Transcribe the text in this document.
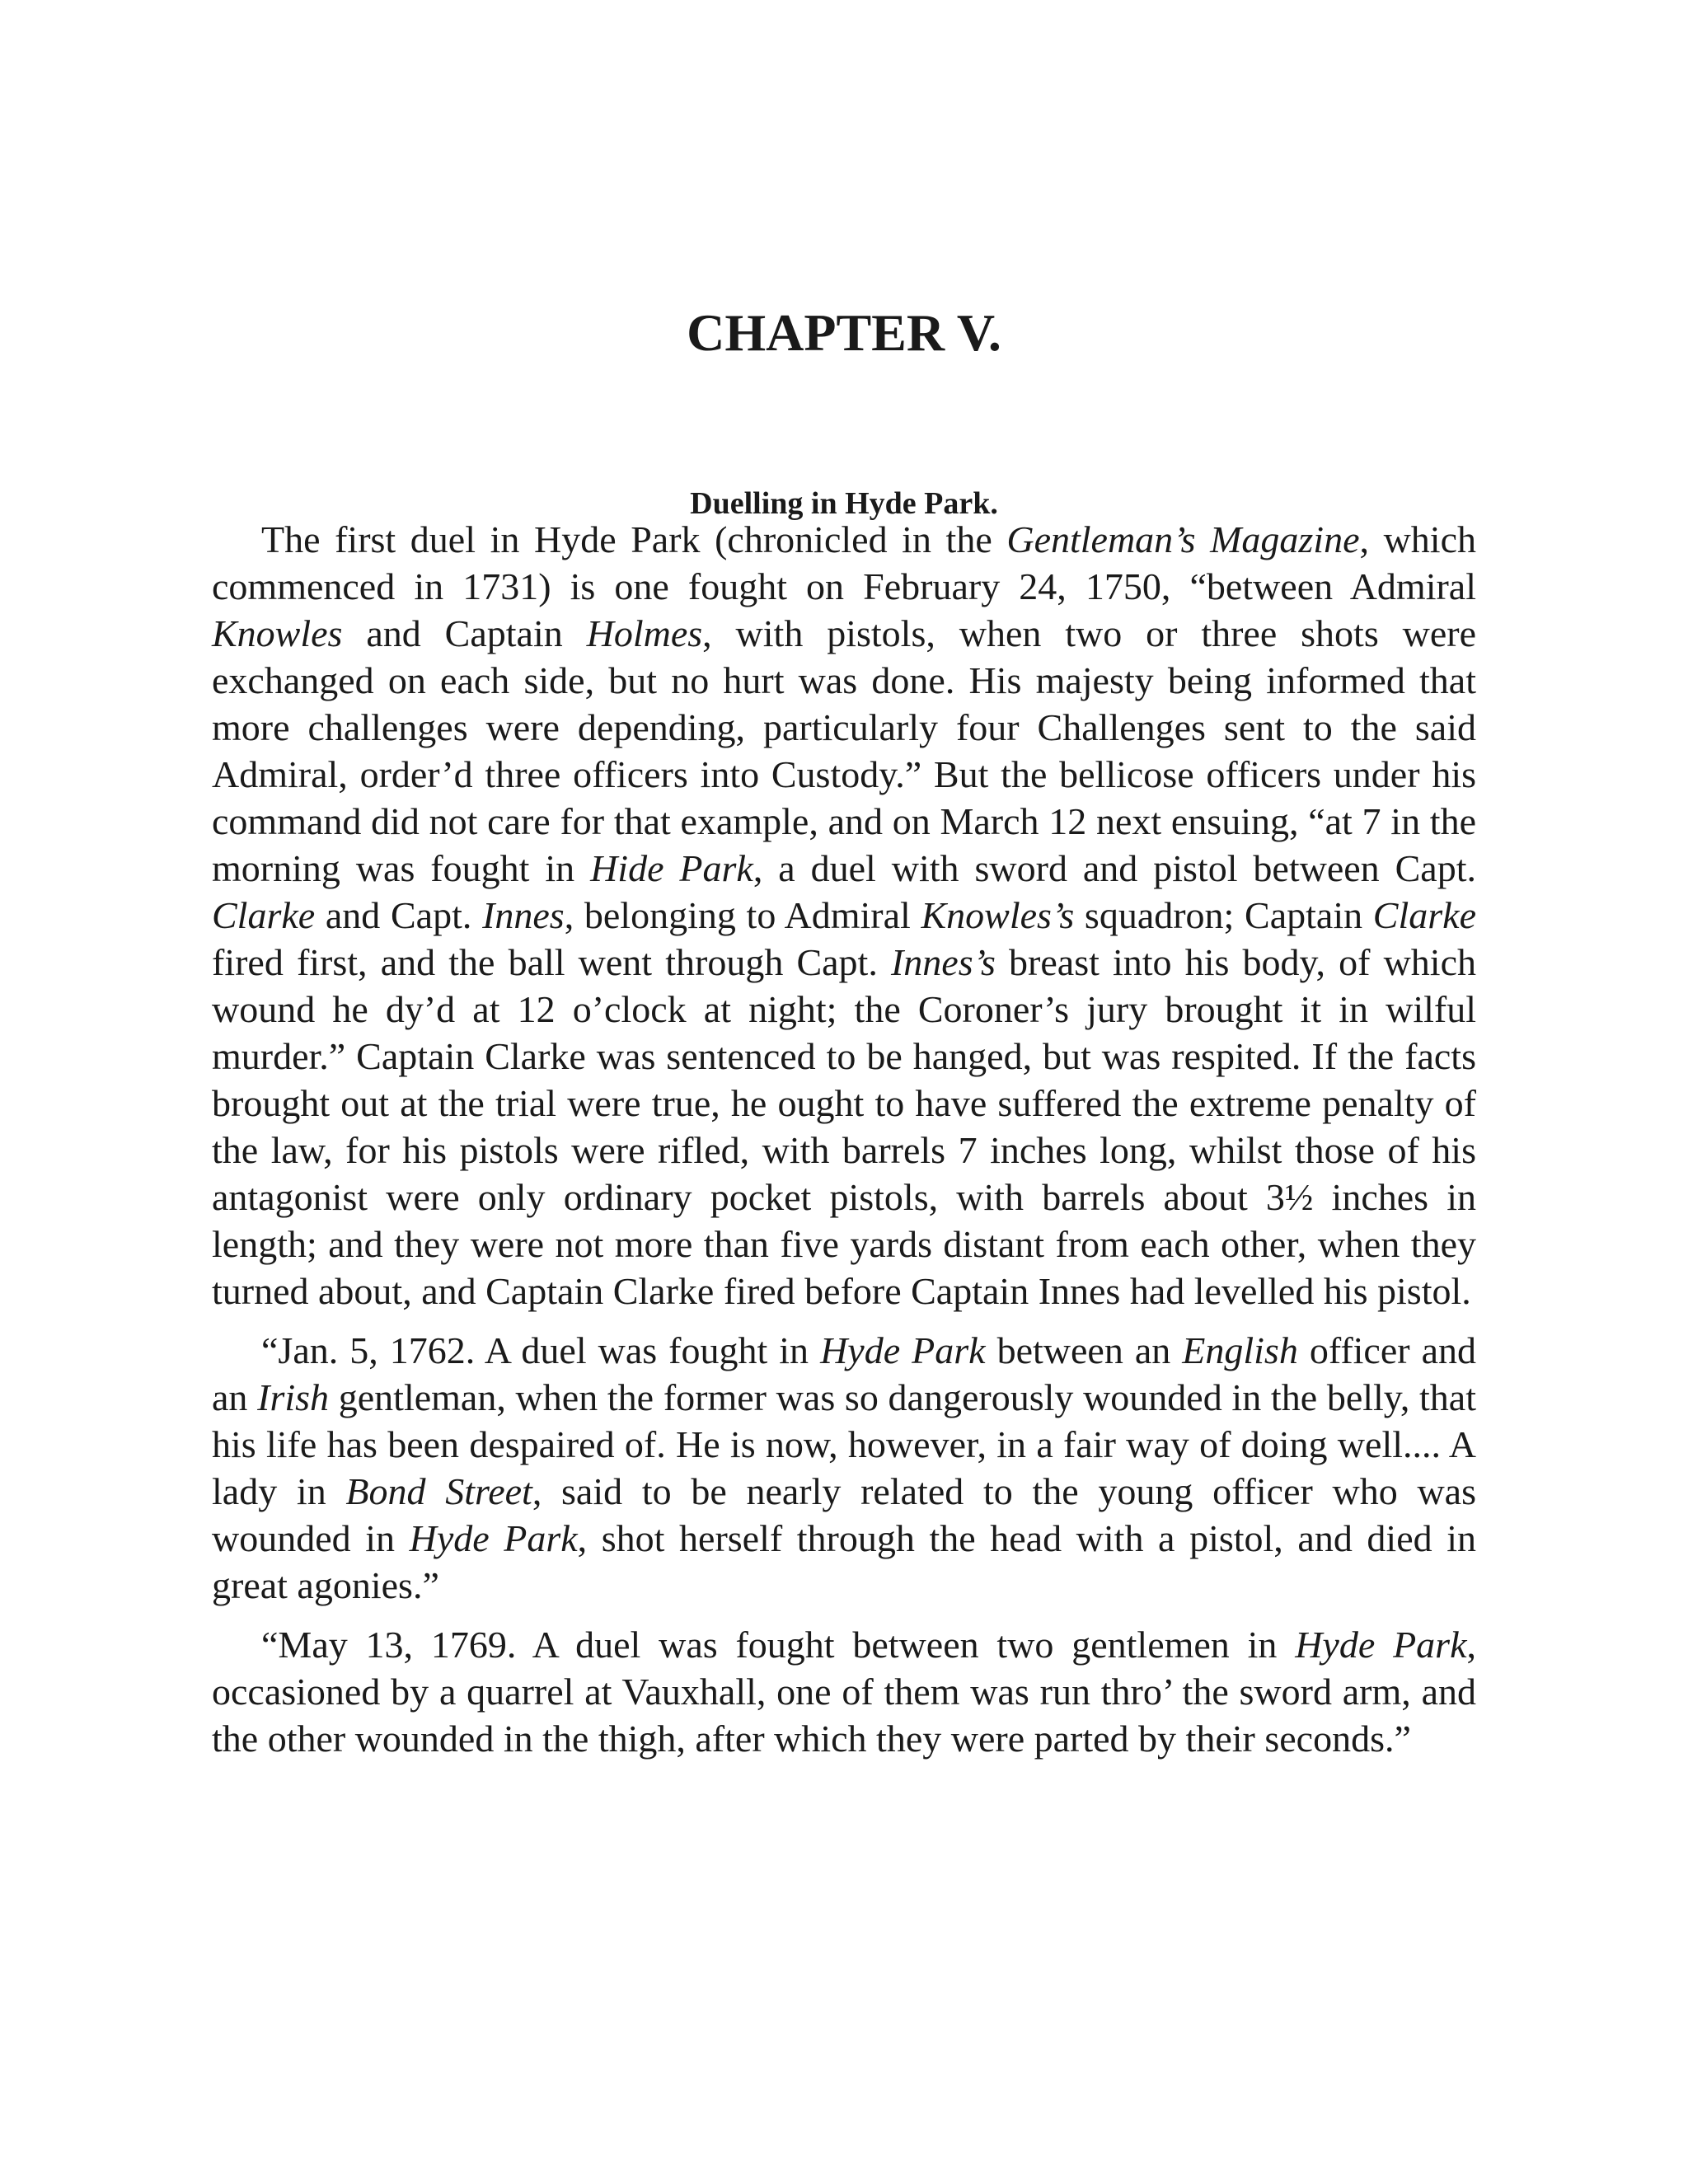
CHAPTER V.
Duelling in Hyde Park.

The first duel in Hyde Park (chronicled in the Gentleman’s Magazine, which commenced in 1731) is one fought on February 24, 1750, “between Admiral Knowles and Captain Holmes, with pistols, when two or three shots were exchanged on each side, but no hurt was done. His majesty being informed that more challenges were depending, particularly four Challenges sent to the said Admiral, order’d three officers into Custody.” But the bellicose officers under his command did not care for that example, and on March 12 next ensuing, “at 7 in the morning was fought in Hide Park, a duel with sword and pistol between Capt. Clarke and Capt. Innes, belonging to Admiral Knowles’s squadron; Captain Clarke fired first, and the ball went through Capt. Innes’s breast into his body, of which wound he dy’d at 12 o’clock at night; the Coroner’s jury brought it in wilful murder.” Captain Clarke was sentenced to be hanged, but was respited. If the facts brought out at the trial were true, he ought to have suffered the extreme penalty of the law, for his pistols were rifled, with barrels 7 inches long, whilst those of his antagonist were only ordinary pocket pistols, with barrels about 3½ inches in length; and they were not more than five yards distant from each other, when they turned about, and Captain Clarke fired before Captain Innes had levelled his pistol.

“Jan. 5, 1762. A duel was fought in Hyde Park between an English officer and an Irish gentleman, when the former was so dangerously wounded in the belly, that his life has been despaired of. He is now, however, in a fair way of doing well.... A lady in Bond Street, said to be nearly related to the young officer who was wounded in Hyde Park, shot herself through the head with a pistol, and died in great agonies.”

“May 13, 1769. A duel was fought between two gentlemen in Hyde Park, occasioned by a quarrel at Vauxhall, one of them was run thro’ the sword arm, and the other wounded in the thigh, after which they were parted by their seconds.”
